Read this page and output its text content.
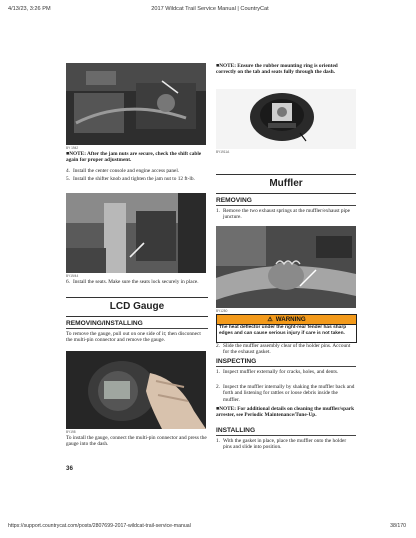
4/13/23, 3:26 PM	2017 Wildcat Trail Service Manual | CountryCat
BY 1942
■NOTE: After the jam nuts are secure, check the shift cable again for proper adjustment.
4. Install the center console and engine access panel.
5. Install the shifter knob and tighten the jam nut to 12 ft-lb.
BY19/44
6. Install the seats. Make sure the seats lock securely in place.
LCD Gauge
REMOVING/INSTALLING
To remove the gauge, pull out on one side of it; then disconnect the multi-pin connector and remove the gauge.
BY198
To install the gauge, connect the multi-pin connector and press the gauge into the dash.
36
■NOTE: Ensure the rubber mounting ring is oriented correctly on the tab and seats fully through the dash.
BY1911A
Muffler
REMOVING
1. Remove the two exhaust springs at the muffler/exhaust pipe juncture.
BY1280
⚠ WARNING
The heat deflector under the right-rear fender has sharp edges and can cause serious injury if care is not taken.
2. Slide the muffler assembly clear of the holder pins. Account for the exhaust gasket.
INSPECTING
1. Inspect muffler externally for cracks, holes, and dents.
2. Inspect the muffler internally by shaking the muffler back and forth and listening for rattles or loose debris inside the muffler.
■NOTE: For additional details on cleaning the muffler/spark arrester, see Periodic Maintenance/Tune-Up.
INSTALLING
1. With the gasket in place, place the muffler onto the holder pins and slide into position.
https://support.countrycat.com/posts/2807699-2017-wildcat-trail-service-manual	38/170
